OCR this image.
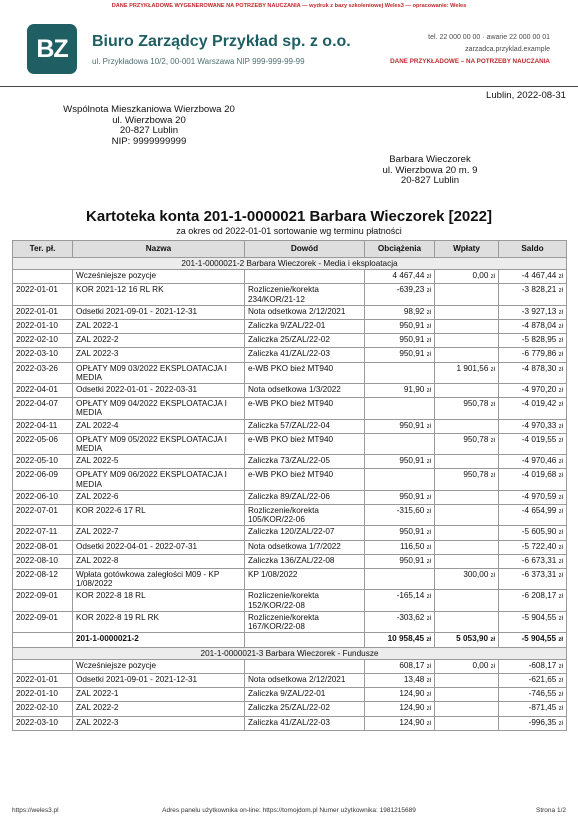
DANE PRZYKŁADOWE WYGENEROWANE NA POTRZEBY NAUCZANIA — wydruk z bazy szkoleniowej Weles3 — opracowanie: Weles
BZ	Biuro Zarządcy Przykład sp. z o.o.
ul. Przykładowa 10/2, 00-001 Warszawa NIP 999-999-99-99
tel. 22 000 00 00 · awarie 22 000 00 01
zarzadca.przyklad.example
DANE PRZYKŁADOWE – NA POTRZEBY NAUCZANIA
Lublin, 2022-08-31
Wspólnota Mieszkaniowa Wierzbowa 20
ul. Wierzbowa 20
20-827 Lublin
NIP: 9999999999
Barbara Wieczorek
ul. Wierzbowa 20 m. 9
20-827 Lublin
Kartoteka konta 201-1-0000021 Barbara Wieczorek [2022]
za okres od 2022-01-01 sortowanie wg terminu płatności
Ter. pł.	Nazwa	Dowód	Obciążenia	Wpłaty	Saldo
201-1-0000021-2 Barbara Wieczorek - Media i eksploatacja					
	Wcześniejsze pozycje		4 467,44 zł	0,00 zł	-4 467,44 zł
2022-01-01	KOR 2021-12 16 RL RK	Rozliczenie/korekta 234/KOR/21-12	-639,23 zł		-3 828,21 zł
2022-01-01	Odsetki 2021-09-01 - 2021-12-31	Nota odsetkowa 2/12/2021	98,92 zł		-3 927,13 zł
2022-01-10	ZAL 2022-1	Zaliczka 9/ZAL/22-01	950,91 zł		-4 878,04 zł
2022-02-10	ZAL 2022-2	Zaliczka 25/ZAL/22-02	950,91 zł		-5 828,95 zł
2022-03-10	ZAL 2022-3	Zaliczka 41/ZAL/22-03	950,91 zł		-6 779,86 zł
2022-03-26	OPŁATY M09 03/2022 EKSPLOATACJA I MEDIA	e-WB PKO bież MT940		1 901,56 zł	-4 878,30 zł
2022-04-01	Odsetki 2022-01-01 - 2022-03-31	Nota odsetkowa 1/3/2022	91,90 zł		-4 970,20 zł
2022-04-07	OPŁATY M09 04/2022 EKSPLOATACJA I MEDIA	e-WB PKO bież MT940		950,78 zł	-4 019,42 zł
2022-04-11	ZAL 2022-4	Zaliczka 57/ZAL/22-04	950,91 zł		-4 970,33 zł
2022-05-06	OPŁATY M09 05/2022 EKSPLOATACJA I MEDIA	e-WB PKO bież MT940		950,78 zł	-4 019,55 zł
2022-05-10	ZAL 2022-5	Zaliczka 73/ZAL/22-05	950,91 zł		-4 970,46 zł
2022-06-09	OPŁATY M09 06/2022 EKSPLOATACJA I MEDIA	e-WB PKO bież MT940		950,78 zł	-4 019,68 zł
2022-06-10	ZAL 2022-6	Zaliczka 89/ZAL/22-06	950,91 zł		-4 970,59 zł
2022-07-01	KOR 2022-6 17 RL	Rozliczenie/korekta 105/KOR/22-06	-315,60 zł		-4 654,99 zł
2022-07-11	ZAL 2022-7	Zaliczka 120/ZAL/22-07	950,91 zł		-5 605,90 zł
2022-08-01	Odsetki 2022-04-01 - 2022-07-31	Nota odsetkowa 1/7/2022	116,50 zł		-5 722,40 zł
2022-08-10	ZAL 2022-8	Zaliczka 136/ZAL/22-08	950,91 zł		-6 673,31 zł
2022-08-12	Wpłata gotówkowa zaległości M09 - KP 1/08/2022	KP 1/08/2022		300,00 zł	-6 373,31 zł
2022-09-01	KOR 2022-8 18 RL	Rozliczenie/korekta 152/KOR/22-08	-165,14 zł		-6 208,17 zł
2022-09-01	KOR 2022-8 19 RL RK	Rozliczenie/korekta 167/KOR/22-08	-303,62 zł		-5 904,55 zł
	201-1-0000021-2		10 958,45 zł	5 053,90 zł	-5 904,55 zł
201-1-0000021-3 Barbara Wieczorek - Fundusze					
	Wcześniejsze pozycje		608,17 zł	0,00 zł	-608,17 zł
2022-01-01	Odsetki 2021-09-01 - 2021-12-31	Nota odsetkowa 2/12/2021	13,48 zł		-621,65 zł
2022-01-10	ZAL 2022-1	Zaliczka 9/ZAL/22-01	124,90 zł		-746,55 zł
2022-02-10	ZAL 2022-2	Zaliczka 25/ZAL/22-02	124,90 zł		-871,45 zł
2022-03-10	ZAL 2022-3	Zaliczka 41/ZAL/22-03	124,90 zł		-996,35 zł
https://weles3.pl	Adres panelu użytkownika on-line: https://tomojdom.pl Numer użytkownika: 1981215689	Strona 1/2
